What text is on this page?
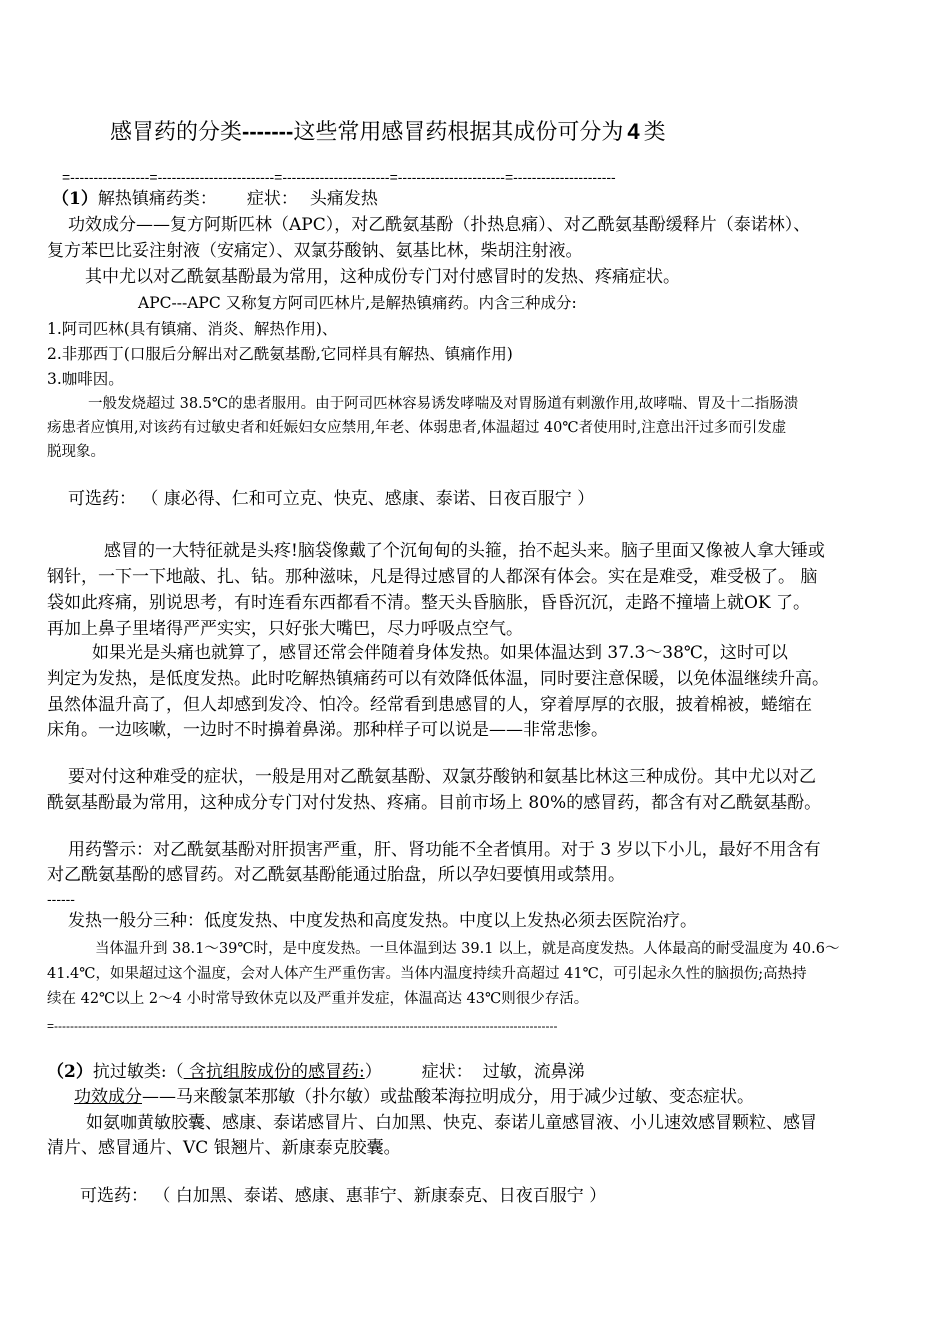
感冒药的分类-------这些常用感冒药根据其成份可分为 4 类
=-----------------=-------------------------=-----------------------=-----------------------=----------------------
（1）解热镇痛药类： 症状： 头痛发热
功效成分——复方阿斯匹林（APC），对乙酰氨基酚（扑热息痛）、对乙酰氨基酚缓释片（泰诺林）、
复方苯巴比妥注射液（安痛定）、双氯芬酸钠、氨基比林，柴胡注射液。
其中尤以对乙酰氨基酚最为常用，这种成份专门对付感冒时的发热、疼痛症状。
APC---APC 又称复方阿司匹林片,是解热镇痛药。内含三种成分:
1.阿司匹林(具有镇痛、消炎、解热作用)、
2.非那西丁(口服后分解出对乙酰氨基酚,它同样具有解热、镇痛作用)
3.咖啡因。
一般发烧超过 38.5℃的患者服用。由于阿司匹林容易诱发哮喘及对胃肠道有刺激作用,故哮喘、胃及十二指肠溃
疡患者应慎用,对该药有过敏史者和妊娠妇女应禁用,年老、体弱患者,体温超过 40℃者使用时,注意出汗过多而引发虚
脱现象。
可选药： （ 康必得、仁和可立克、快克、感康、泰诺、日夜百服宁 ）
感冒的一大特征就是头疼!脑袋像戴了个沉甸甸的头箍，抬不起头来。脑子里面又像被人拿大锤或
钢针，一下一下地敲、扎、钻。那种滋味，凡是得过感冒的人都深有体会。实在是难受，难受极了。 脑
袋如此疼痛，别说思考，有时连看东西都看不清。整天头昏脑胀，昏昏沉沉，走路不撞墙上就OK 了。
再加上鼻子里堵得严严实实，只好张大嘴巴，尽力呼吸点空气。
如果光是头痛也就算了，感冒还常会伴随着身体发热。如果体温达到 37.3～38℃，这时可以
判定为发热，是低度发热。此时吃解热镇痛药可以有效降低体温，同时要注意保暖，以免体温继续升高。
虽然体温升高了，但人却感到发冷、怕冷。经常看到患感冒的人，穿着厚厚的衣服，披着棉被，蜷缩在
床角。一边咳嗽，一边时不时擤着鼻涕。那种样子可以说是——非常悲惨。
要对付这种难受的症状，一般是用对乙酰氨基酚、双氯芬酸钠和氨基比林这三种成份。其中尤以对乙
酰氨基酚最为常用，这种成分专门对付发热、疼痛。目前市场上 80%的感冒药，都含有对乙酰氨基酚。
用药警示：对乙酰氨基酚对肝损害严重，肝、肾功能不全者慎用。对于 3 岁以下小儿，最好不用含有
对乙酰氨基酚的感冒药。对乙酰氨基酚能通过胎盘，所以孕妇要慎用或禁用。
------
发热一般分三种：低度发热、中度发热和高度发热。中度以上发热必须去医院治疗。
当体温升到 38.1～39℃时，是中度发热。一旦体温到达 39.1 以上，就是高度发热。人体最高的耐受温度为 40.6～
41.4℃，如果超过这个温度，会对人体产生严重伤害。当体内温度持续升高超过 41℃，可引起永久性的脑损伤;高热持
续在 42℃以上 2～4 小时常导致休克以及严重并发症，体温高达 43℃则很少存活。
=------------------------------------------------------------------------------------------------------------------------------
（2）抗过敏类:（ 含抗组胺成份的感冒药:） 症状： 过敏，流鼻涕
功效成分——马来酸氯苯那敏（扑尔敏）或盐酸苯海拉明成分，用于减少过敏、变态症状。
如氨咖黄敏胶囊、感康、泰诺感冒片、白加黑、快克、泰诺儿童感冒液、小儿速效感冒颗粒、感冒
清片、感冒通片、VC 银翘片、新康泰克胶囊。
可选药： （ 白加黑、泰诺、感康、惠菲宁、新康泰克、日夜百服宁 ）
